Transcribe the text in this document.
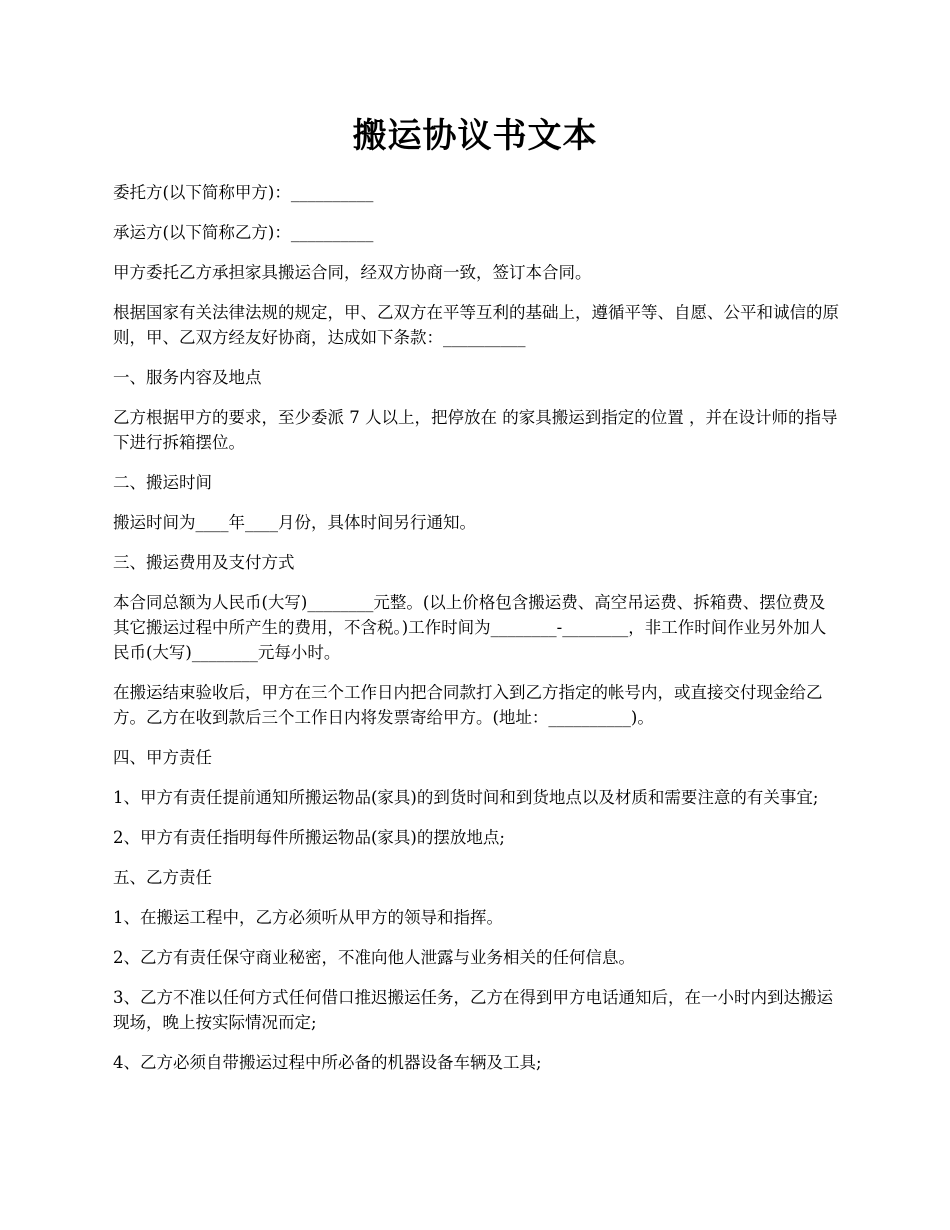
搬运协议书文本

委托方(以下简称甲方)：__________

承运方(以下简称乙方)：__________

甲方委托乙方承担家具搬运合同，经双方协商一致，签订本合同。

根据国家有关法律法规的规定，甲、乙双方在平等互利的基础上，遵循平等、自愿、公平和诚信的原则，甲、乙双方经友好协商，达成如下条款：__________

一、服务内容及地点

乙方根据甲方的要求，至少委派 7 人以上，把停放在 的家具搬运到指定的位置 ，并在设计师的指导下进行拆箱摆位。

二、搬运时间

搬运时间为____年____月份，具体时间另行通知。

三、搬运费用及支付方式

本合同总额为人民币(大写)________元整。(以上价格包含搬运费、高空吊运费、拆箱费、摆位费及其它搬运过程中所产生的费用，不含税。)工作时间为________-________，非工作时间作业另外加人民币(大写)________元每小时。

在搬运结束验收后，甲方在三个工作日内把合同款打入到乙方指定的帐号内，或直接交付现金给乙方。乙方在收到款后三个工作日内将发票寄给甲方。(地址：__________)。

四、甲方责任

1、甲方有责任提前通知所搬运物品(家具)的到货时间和到货地点以及材质和需要注意的有关事宜;

2、甲方有责任指明每件所搬运物品(家具)的摆放地点;

五、乙方责任

1、在搬运工程中，乙方必须听从甲方的领导和指挥。

2、乙方有责任保守商业秘密，不准向他人泄露与业务相关的任何信息。

3、乙方不准以任何方式任何借口推迟搬运任务，乙方在得到甲方电话通知后，在一小时内到达搬运现场，晚上按实际情况而定;

4、乙方必须自带搬运过程中所必备的机器设备车辆及工具;
